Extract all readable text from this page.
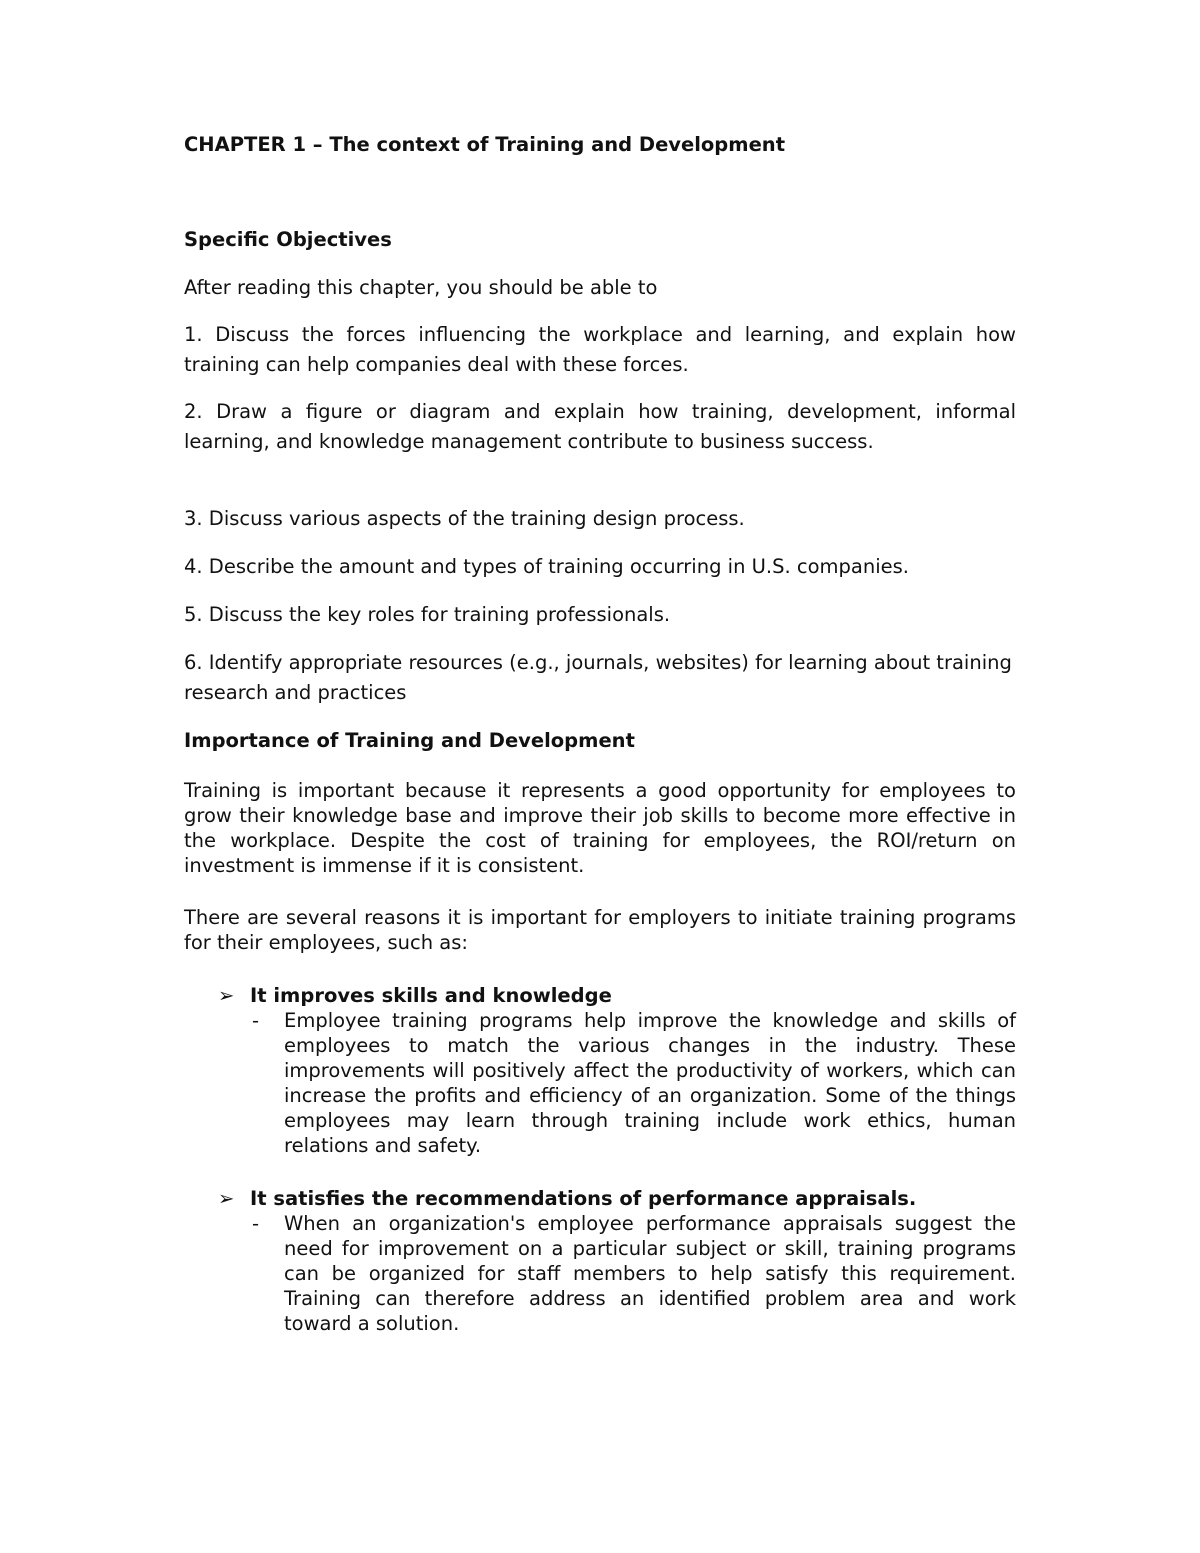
CHAPTER 1 – The context of Training and Development

Specific Objectives

After reading this chapter, you should be able to

1. Discuss the forces influencing the workplace and learning, and explain how training can help companies deal with these forces.

2. Draw a figure or diagram and explain how training, development, informal learning, and knowledge management contribute to business success.

3. Discuss various aspects of the training design process.

4. Describe the amount and types of training occurring in U.S. companies.

5. Discuss the key roles for training professionals.

6. Identify appropriate resources (e.g., journals, websites) for learning about training research and practices

Importance of Training and Development

Training is important because it represents a good opportunity for employees to grow their knowledge base and improve their job skills to become more effective in the workplace. Despite the cost of training for employees, the ROI/return on investment is immense if it is consistent.

There are several reasons it is important for employers to initiate training programs for their employees, such as:

➢ It improves skills and knowledge

- Employee training programs help improve the knowledge and skills of employees to match the various changes in the industry. These improvements will positively affect the productivity of workers, which can increase the profits and efficiency of an organization. Some of the things employees may learn through training include work ethics, human relations and safety.

➢ It satisfies the recommendations of performance appraisals.

- When an organization's employee performance appraisals suggest the need for improvement on a particular subject or skill, training programs can be organized for staff members to help satisfy this requirement. Training can therefore address an identified problem area and work toward a solution.
